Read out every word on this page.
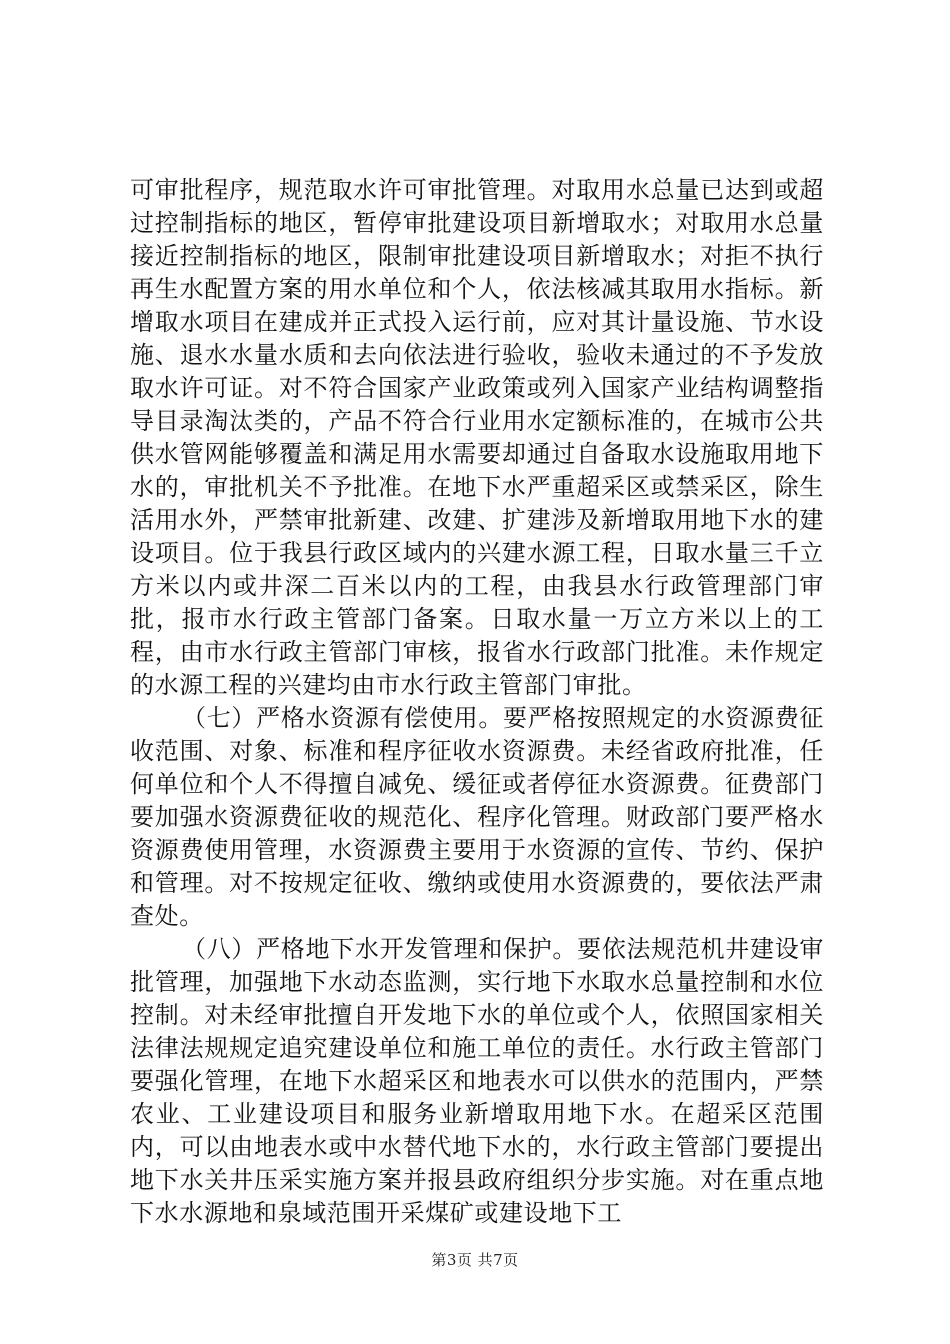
可审批程序，规范取水许可审批管理。对取用水总量已达到或超过控制指标的地区，暂停审批建设项目新增取水；对取用水总量接近控制指标的地区，限制审批建设项目新增取水；对拒不执行再生水配置方案的用水单位和个人，依法核减其取用水指标。新增取水项目在建成并正式投入运行前，应对其计量设施、节水设施、退水水量水质和去向依法进行验收，验收未通过的不予发放取水许可证。对不符合国家产业政策或列入国家产业结构调整指导目录淘汰类的，产品不符合行业用水定额标准的，在城市公共供水管网能够覆盖和满足用水需要却通过自备取水设施取用地下水的，审批机关不予批准。在地下水严重超采区或禁采区，除生活用水外，严禁审批新建、改建、扩建涉及新增取用地下水的建设项目。位于我县行政区域内的兴建水源工程，日取水量三千立方米以内或井深二百米以内的工程，由我县水行政管理部门审批，报市水行政主管部门备案。日取水量一万立方米以上的工程，由市水行政主管部门审核，报省水行政部门批准。未作规定的水源工程的兴建均由市水行政主管部门审批。

（七）严格水资源有偿使用。要严格按照规定的水资源费征收范围、对象、标准和程序征收水资源费。未经省政府批准，任何单位和个人不得擅自减免、缓征或者停征水资源费。征费部门要加强水资源费征收的规范化、程序化管理。财政部门要严格水资源费使用管理，水资源费主要用于水资源的宣传、节约、保护和管理。对不按规定征收、缴纳或使用水资源费的，要依法严肃查处。

（八）严格地下水开发管理和保护。要依法规范机井建设审批管理，加强地下水动态监测，实行地下水取水总量控制和水位控制。对未经审批擅自开发地下水的单位或个人，依照国家相关法律法规规定追究建设单位和施工单位的责任。水行政主管部门要强化管理，在地下水超采区和地表水可以供水的范围内，严禁农业、工业建设项目和服务业新增取用地下水。在超采区范围内，可以由地表水或中水替代地下水的，水行政主管部门要提出地下水关井压采实施方案并报县政府组织分步实施。对在重点地下水水源地和泉域范围开采煤矿或建设地下工

第3页 共7页
